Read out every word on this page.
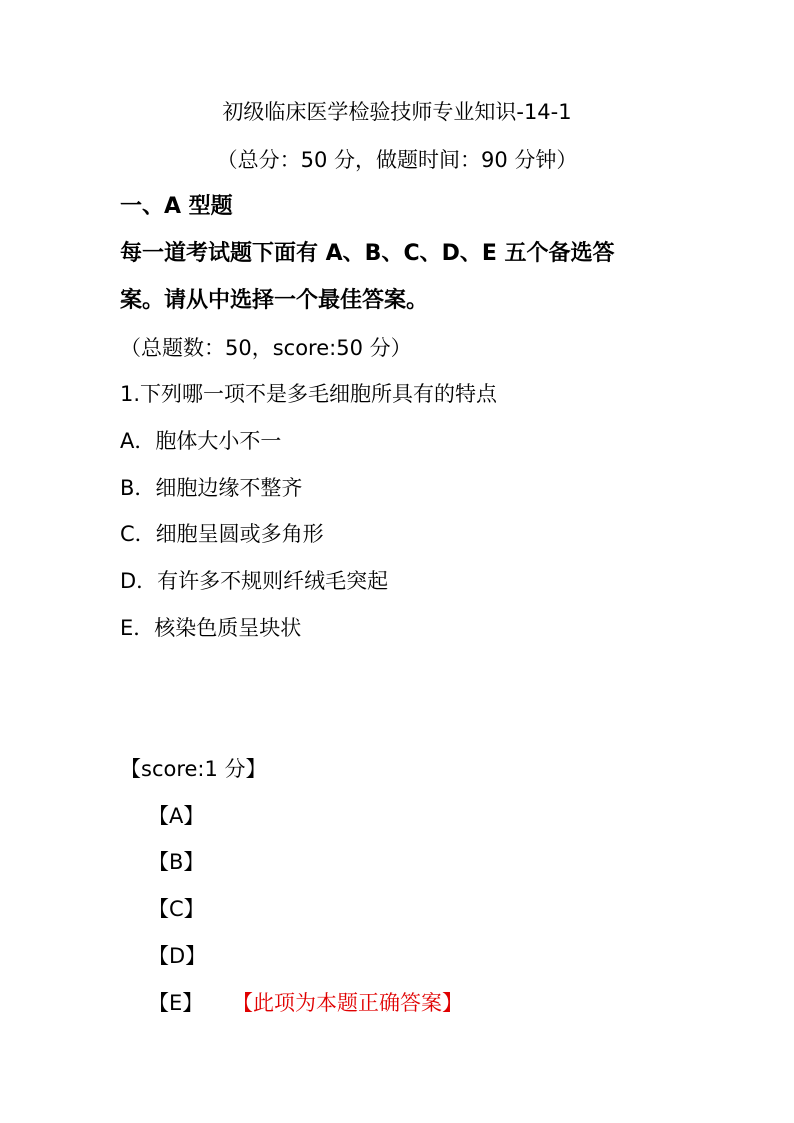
初级临床医学检验技师专业知识-14-1
（总分：50 分，做题时间：90 分钟）
一、A 型题
每一道考试题下面有 A、B、C、D、E 五个备选答
案。请从中选择一个最佳答案。
（总题数：50，score:50 分）
1.下列哪一项不是多毛细胞所具有的特点
A．胞体大小不一
B．细胞边缘不整齐
C．细胞呈圆或多角形
D．有许多不规则纤绒毛突起
E．核染色质呈块状
【score:1 分】
【A】
【B】
【C】
【D】
【E】 【此项为本题正确答案】
